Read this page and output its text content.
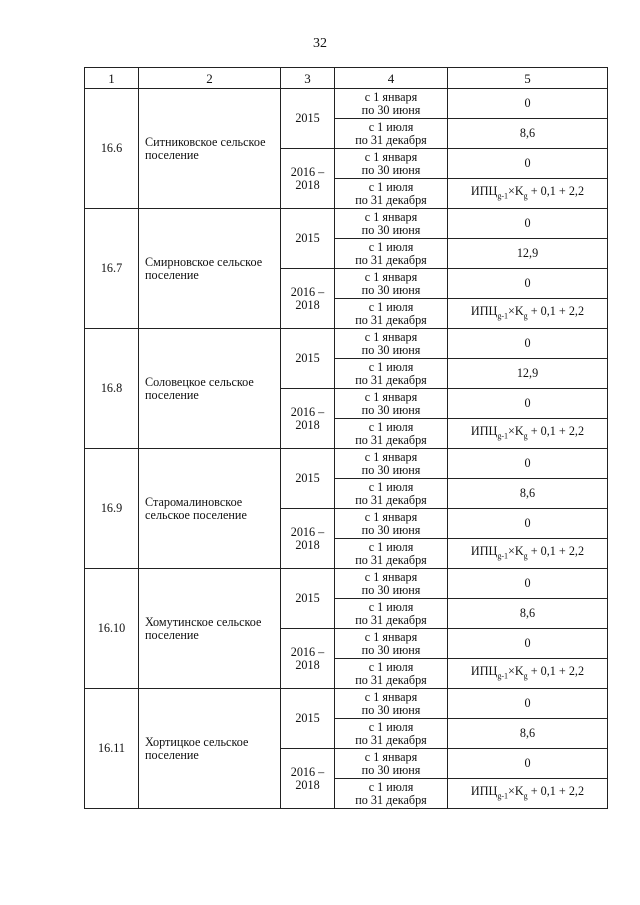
32
1	2	3	4	5
16.6	Ситниковское сельское поселение	2015	с 1 января
по 30 июня	0

			с 1 июля
по 31 декабря	8,6
		2016 – 2018	с 1 января
по 30 июня	0

			с 1 июля
по 31 декабря	$ИПЦ_{g-1}\times K_g + 0,1 + 2,2$
16.7	Смирновское сельское поселение	2015	с 1 января
по 30 июня	0

			с 1 июля
по 31 декабря	12,9
		2016 – 2018	с 1 января
по 30 июня	0

			с 1 июля
по 31 декабря	$ИПЦ_{g-1}\times K_g + 0,1 + 2,2$
16.8	Соловецкое сельское поселение	2015	с 1 января
по 30 июня	0

			с 1 июля
по 31 декабря	12,9
		2016 – 2018	с 1 января
по 30 июня	0

			с 1 июля
по 31 декабря	$ИПЦ_{g-1}\times K_g + 0,1 + 2,2$
16.9	Старомалиновское сельское поселение	2015	с 1 января
по 30 июня	0

			с 1 июля
по 31 декабря	8,6
		2016 – 2018	с 1 января
по 30 июня	0

			с 1 июля
по 31 декабря	$ИПЦ_{g-1}\times K_g + 0,1 + 2,2$
16.10	Хомутинское сельское поселение	2015	с 1 января
по 30 июня	0

			с 1 июля
по 31 декабря	8,6
		2016 – 2018	с 1 января
по 30 июня	0

			с 1 июля
по 31 декабря	$ИПЦ_{g-1}\times K_g + 0,1 + 2,2$
16.11	Хортицкое сельское поселение	2015	с 1 января
по 30 июня	0

			с 1 июля
по 31 декабря	8,6
		2016 – 2018	с 1 января
по 30 июня	0

			с 1 июля
по 31 декабря	$ИПЦ_{g-1}\times K_g + 0,1 + 2,2$
